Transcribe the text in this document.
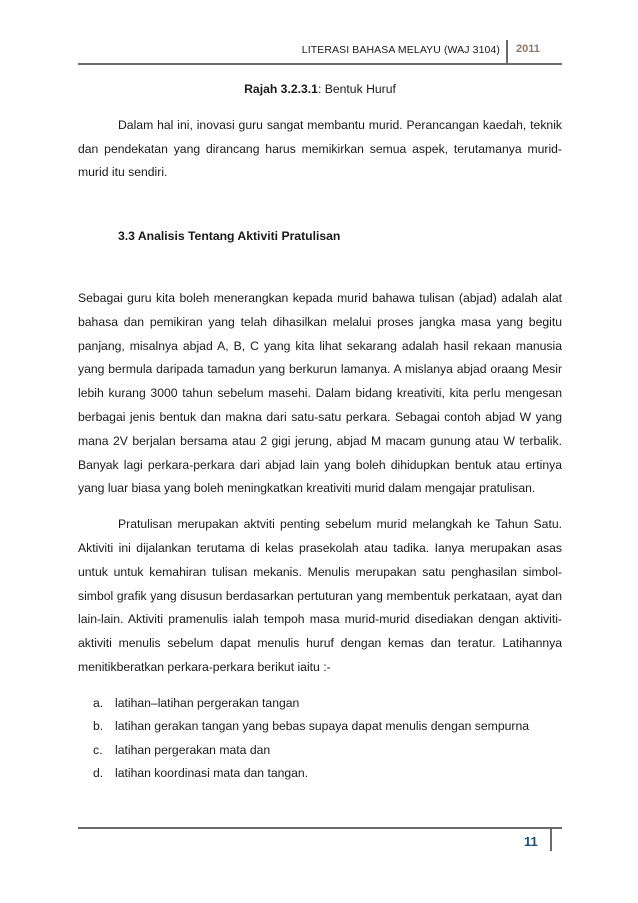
LITERASI BAHASA MELAYU (WAJ 3104) 2011
Rajah 3.2.3.1: Bentuk Huruf

Dalam hal ini, inovasi guru sangat membantu murid. Perancangan kaedah, teknik dan pendekatan yang dirancang harus memikirkan semua aspek, terutamanya murid-murid itu sendiri.

3.3 Analisis Tentang Aktiviti Pratulisan

Sebagai guru kita boleh menerangkan kepada murid bahawa tulisan (abjad) adalah alat bahasa dan pemikiran yang telah dihasilkan melalui proses jangka masa yang begitu panjang, misalnya abjad A, B, C yang kita lihat sekarang adalah hasil rekaan manusia yang bermula daripada tamadun yang berkurun lamanya. A mislanya abjad oraang Mesir lebih kurang 3000 tahun sebelum masehi. Dalam bidang kreativiti, kita perlu mengesan berbagai jenis bentuk dan makna dari satu-satu perkara. Sebagai contoh abjad W yang mana 2V berjalan bersama atau 2 gigi jerung, abjad M macam gunung atau W terbalik. Banyak lagi perkara-perkara dari abjad lain yang boleh dihidupkan bentuk atau ertinya yang luar biasa yang boleh meningkatkan kreativiti murid dalam mengajar pratulisan.

Pratulisan merupakan aktviti penting sebelum murid melangkah ke Tahun Satu. Aktiviti ini dijalankan terutama di kelas prasekolah atau tadika. Ianya merupakan asas untuk untuk kemahiran tulisan mekanis. Menulis merupakan satu penghasilan simbol-simbol grafik yang disusun berdasarkan pertuturan yang membentuk perkataan, ayat dan lain-lain. Aktiviti pramenulis ialah tempoh masa murid-murid disediakan dengan aktiviti-aktiviti menulis sebelum dapat menulis huruf dengan kemas dan teratur. Latihannya menitikberatkan perkara-perkara berikut iaitu :-

a. latihan–latihan pergerakan tangan
b. latihan gerakan tangan yang bebas supaya dapat menulis dengan sempurna
c.	latihan pergerakan mata dan
d. latihan koordinasi mata dan tangan.
11
